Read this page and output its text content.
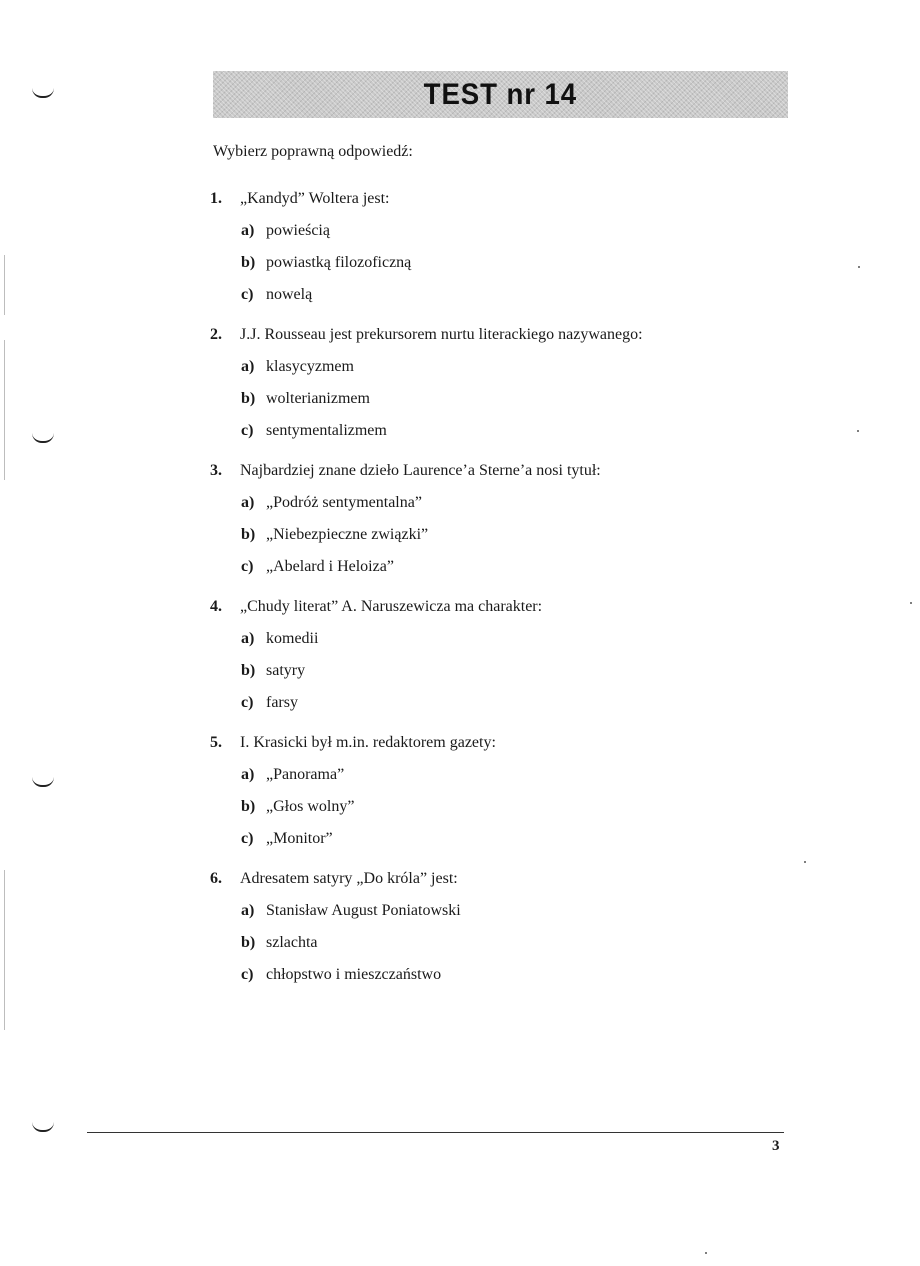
TEST nr 14
Wybierz poprawną odpowiedź:
1.	„Kandyd” Woltera jest:
a) powieścią
b) powiastką filozoficzną
c) nowelą
2.	J.J. Rousseau jest prekursorem nurtu literackiego nazywanego:
a) klasycyzmem
b) wolterianizmem
c) sentymentalizmem
3.	Najbardziej znane dzieło Laurence’a Sterne’a nosi tytuł:
a) „Podróż sentymentalna”
b) „Niebezpieczne związki”
c) „Abelard i Heloiza”
4.	„Chudy literat” A. Naruszewicza ma charakter:
a) komedii
b) satyry
c) farsy
5.	I. Krasicki był m.in. redaktorem gazety:
a) „Panorama”
b) „Głos wolny”
c) „Monitor”
6.	Adresatem satyry „Do króla” jest:
a) Stanisław August Poniatowski
b) szlachta
c) chłopstwo i mieszczaństwo
3
